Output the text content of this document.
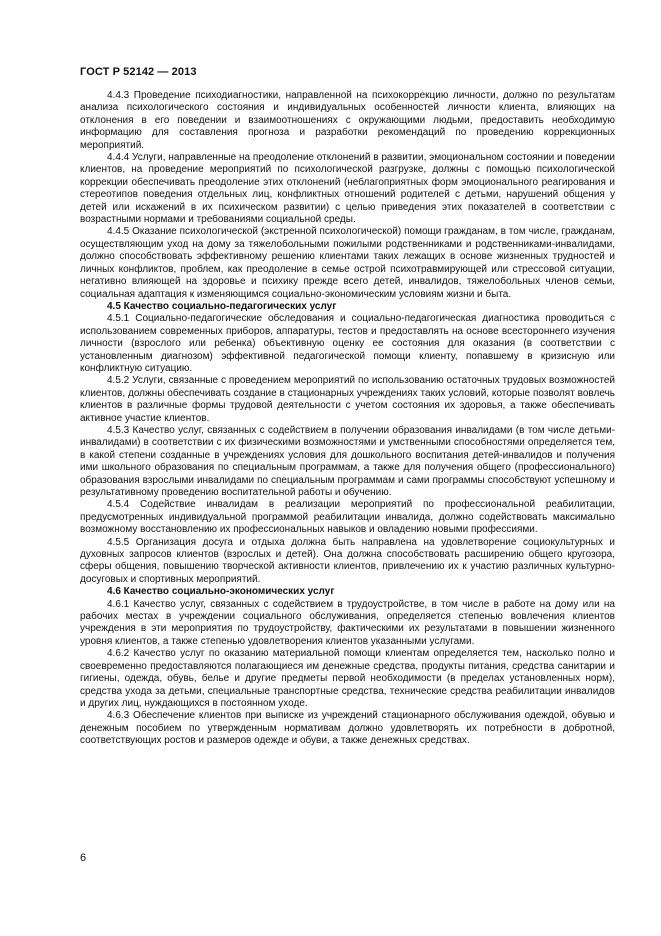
ГОСТ Р 52142 — 2013

4.4.3 Проведение психодиагностики, направленной на психокоррекцию личности, должно по результатам анализа психологического состояния и индивидуальных особенностей личности клиента, влияющих на отклонения в его поведении и взаимоотношениях с окружающими людьми, предоставить необходимую информацию для составления прогноза и разработки рекомендаций по проведению коррекционных мероприятий.

4.4.4 Услуги, направленные на преодоление отклонений в развитии, эмоциональном состоянии и поведении клиентов, на проведение мероприятий по психологической разгрузке, должны с помощью психологической коррекции обеспечивать преодоление этих отклонений (неблагоприятных форм эмоционального реагирования и стереотипов поведения отдельных лиц, конфликтных отношений родителей с детьми, нарушений общения у детей или искажений в их психическом развитии) с целью приведения этих показателей в соответствии с возрастными нормами и требованиями социальной среды.

4.4.5 Оказание психологической (экстренной психологической) помощи гражданам, в том числе, гражданам, осуществляющим уход на дому за тяжелобольными пожилыми родственниками и родственниками-инвалидами, должно способствовать эффективному решению клиентами таких лежащих в основе жизненных трудностей и личных конфликтов, проблем, как преодоление в семье острой психотравмирующей или стрессовой ситуации, негативно влияющей на здоровье и психику прежде всего детей, инвалидов, тяжелобольных членов семьи, социальная адаптация к изменяющимся социально-экономическим условиям жизни и быта.

4.5 Качество социально-педагогических услуг

4.5.1 Социально-педагогические обследования и социально-педагогическая диагностика проводиться с использованием современных приборов, аппаратуры, тестов и предоставлять на основе всестороннего изучения личности (взрослого или ребенка) объективную оценку ее состояния для оказания (в соответствии с установленным диагнозом) эффективной педагогической помощи клиенту, попавшему в кризисную или конфликтную ситуацию.

4.5.2 Услуги, связанные с проведением мероприятий по использованию остаточных трудовых возможностей клиентов, должны обеспечивать создание в стационарных учреждениях таких условий, которые позволят вовлечь клиентов в различные формы трудовой деятельности с учетом состояния их здоровья, а также обеспечивать активное участие клиентов.

4.5.3 Качество услуг, связанных с содействием в получении образования инвалидами (в том числе детьми-инвалидами) в соответствии с их физическими возможностями и умственными способностями определяется тем, в какой степени созданные в учреждениях условия для дошкольного воспитания детей-инвалидов и получения ими школьного образования по специальным программам, а также для получения общего (профессионального) образования взрослыми инвалидами по специальным программам и сами программы способствуют успешному и результативному проведению воспитательной работы и обучению.

4.5.4 Содействие инвалидам в реализации мероприятий по профессиональной реабилитации, предусмотренных индивидуальной программой реабилитации инвалида, должно содействовать максимально возможному восстановлению их профессиональных навыков и овладению новыми профессиями.

4.5.5 Организация досуга и отдыха должна быть направлена на удовлетворение социокультурных и духовных запросов клиентов (взрослых и детей). Она должна способствовать расширению общего кругозора, сферы общения, повышению творческой активности клиентов, привлечению их к участию различных культурно-досуговых и спортивных мероприятий.

4.6 Качество социально-экономических услуг

4.6.1 Качество услуг, связанных с содействием в трудоустройстве, в том числе в работе на дому или на рабочих местах в учреждении социального обслуживания, определяется степенью вовлечения клиентов учреждения в эти мероприятия по трудоустройству, фактическими их результатами в повышении жизненного уровня клиентов, а также степенью удовлетворения клиентов указанными услугами.

4.6.2 Качество услуг по оказанию материальной помощи клиентам определяется тем, насколько полно и своевременно предоставляются полагающиеся им денежные средства, продукты питания, средства санитарии и гигиены, одежда, обувь, белье и другие предметы первой необходимости (в пределах установленных норм), средства ухода за детьми, специальные транспортные средства, технические средства реабилитации инвалидов и других лиц, нуждающихся в постоянном уходе.

4.6.3 Обеспечение клиентов при выписке из учреждений стационарного обслуживания одеждой, обувью и денежным пособием по утвержденным нормативам должно удовлетворять их потребности в добротной, соответствующих ростов и размеров одежде и обуви, а также денежных средствах.

6
